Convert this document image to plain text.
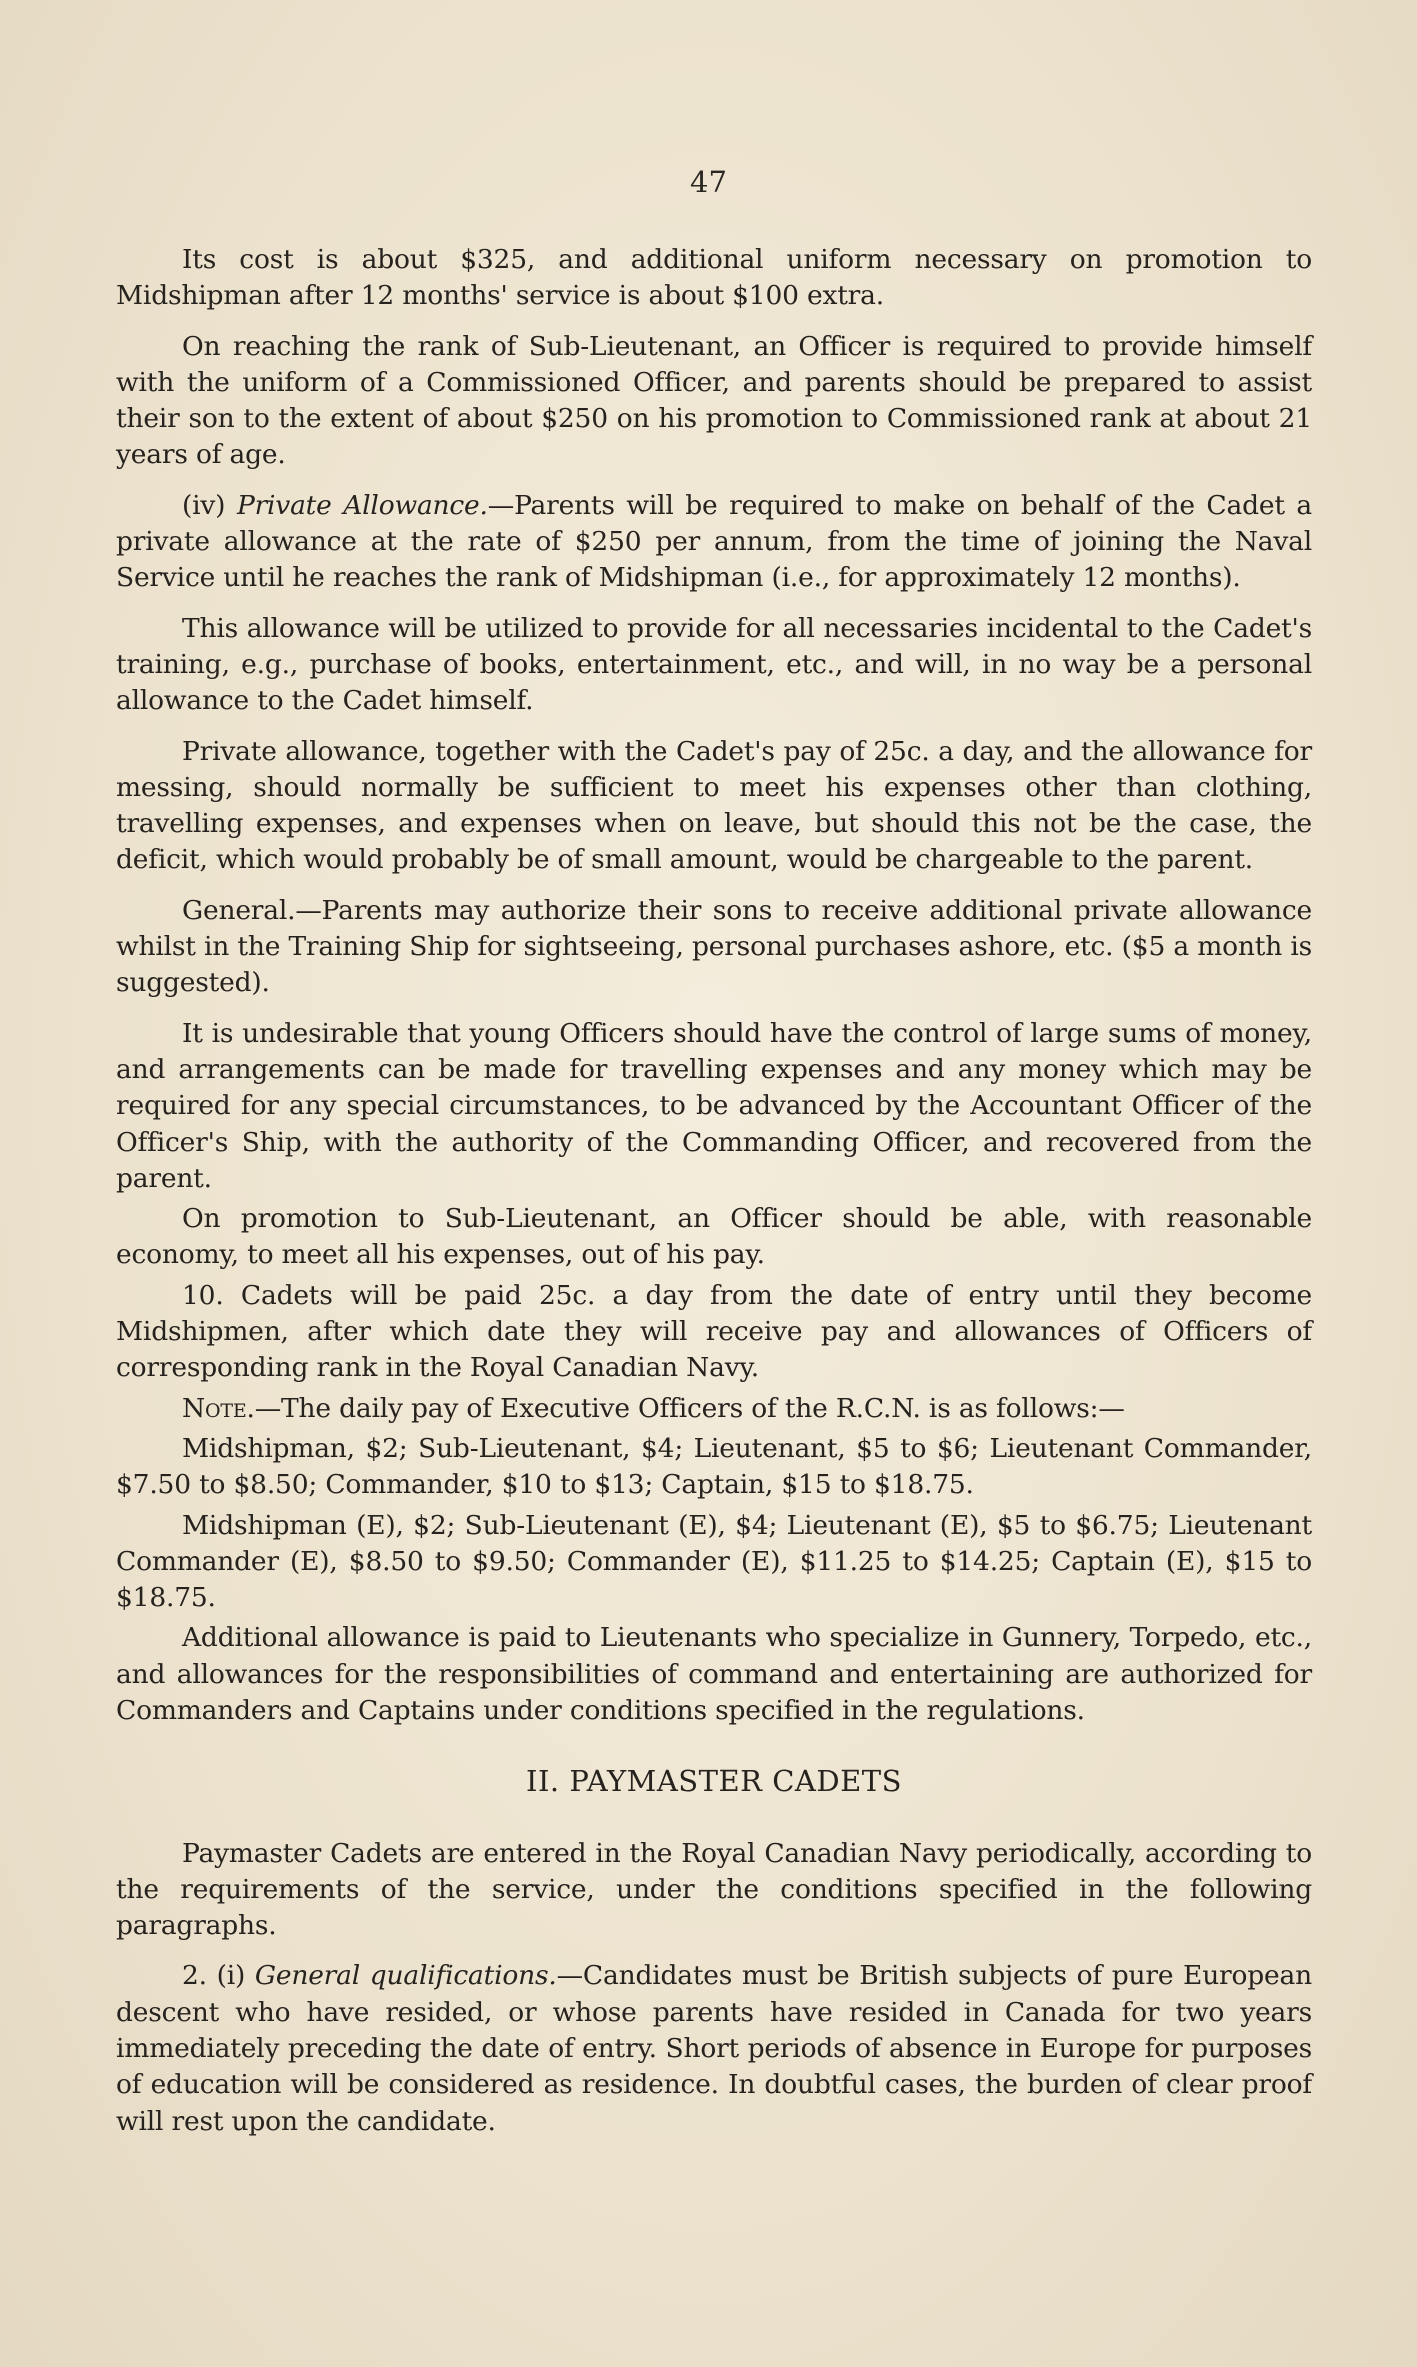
47

Its cost is about $325, and additional uniform necessary on promotion to Midshipman after 12 months' service is about $100 extra.

On reaching the rank of Sub-Lieutenant, an Officer is required to provide himself with the uniform of a Commissioned Officer, and parents should be prepared to assist their son to the extent of about $250 on his promotion to Commissioned rank at about 21 years of age.

(iv) Private Allowance.—Parents will be required to make on behalf of the Cadet a private allowance at the rate of $250 per annum, from the time of joining the Naval Service until he reaches the rank of Midshipman (i.e., for approximately 12 months).

This allowance will be utilized to provide for all necessaries incidental to the Cadet's training, e.g., purchase of books, entertainment, etc., and will, in no way be a personal allowance to the Cadet himself.

Private allowance, together with the Cadet's pay of 25c. a day, and the allowance for messing, should normally be sufficient to meet his expenses other than clothing, travelling expenses, and expenses when on leave, but should this not be the case, the deficit, which would probably be of small amount, would be chargeable to the parent.

General.—Parents may authorize their sons to receive additional private allowance whilst in the Training Ship for sightseeing, personal purchases ashore, etc. ($5 a month is suggested).

It is undesirable that young Officers should have the control of large sums of money, and arrangements can be made for travelling expenses and any money which may be required for any special circumstances, to be advanced by the Accountant Officer of the Officer's Ship, with the authority of the Commanding Officer, and recovered from the parent.

On promotion to Sub-Lieutenant, an Officer should be able, with reasonable economy, to meet all his expenses, out of his pay.

10. Cadets will be paid 25c. a day from the date of entry until they become Midshipmen, after which date they will receive pay and allowances of Officers of corresponding rank in the Royal Canadian Navy.

Note.—The daily pay of Executive Officers of the R.C.N. is as follows:—

Midshipman, $2; Sub-Lieutenant, $4; Lieutenant, $5 to $6; Lieutenant Commander, $7.50 to $8.50; Commander, $10 to $13; Captain, $15 to $18.75.

Midshipman (E), $2; Sub-Lieutenant (E), $4; Lieutenant (E), $5 to $6.75; Lieutenant Commander (E), $8.50 to $9.50; Commander (E), $11.25 to $14.25; Captain (E), $15 to $18.75.

Additional allowance is paid to Lieutenants who specialize in Gunnery, Torpedo, etc., and allowances for the responsibilities of command and entertaining are authorized for Commanders and Captains under conditions specified in the regulations.

II. PAYMASTER CADETS

Paymaster Cadets are entered in the Royal Canadian Navy periodically, according to the requirements of the service, under the conditions specified in the following paragraphs.

2. (i) General qualifications.—Candidates must be British subjects of pure European descent who have resided, or whose parents have resided in Canada for two years immediately preceding the date of entry. Short periods of absence in Europe for purposes of education will be considered as residence. In doubtful cases, the burden of clear proof will rest upon the candidate.
